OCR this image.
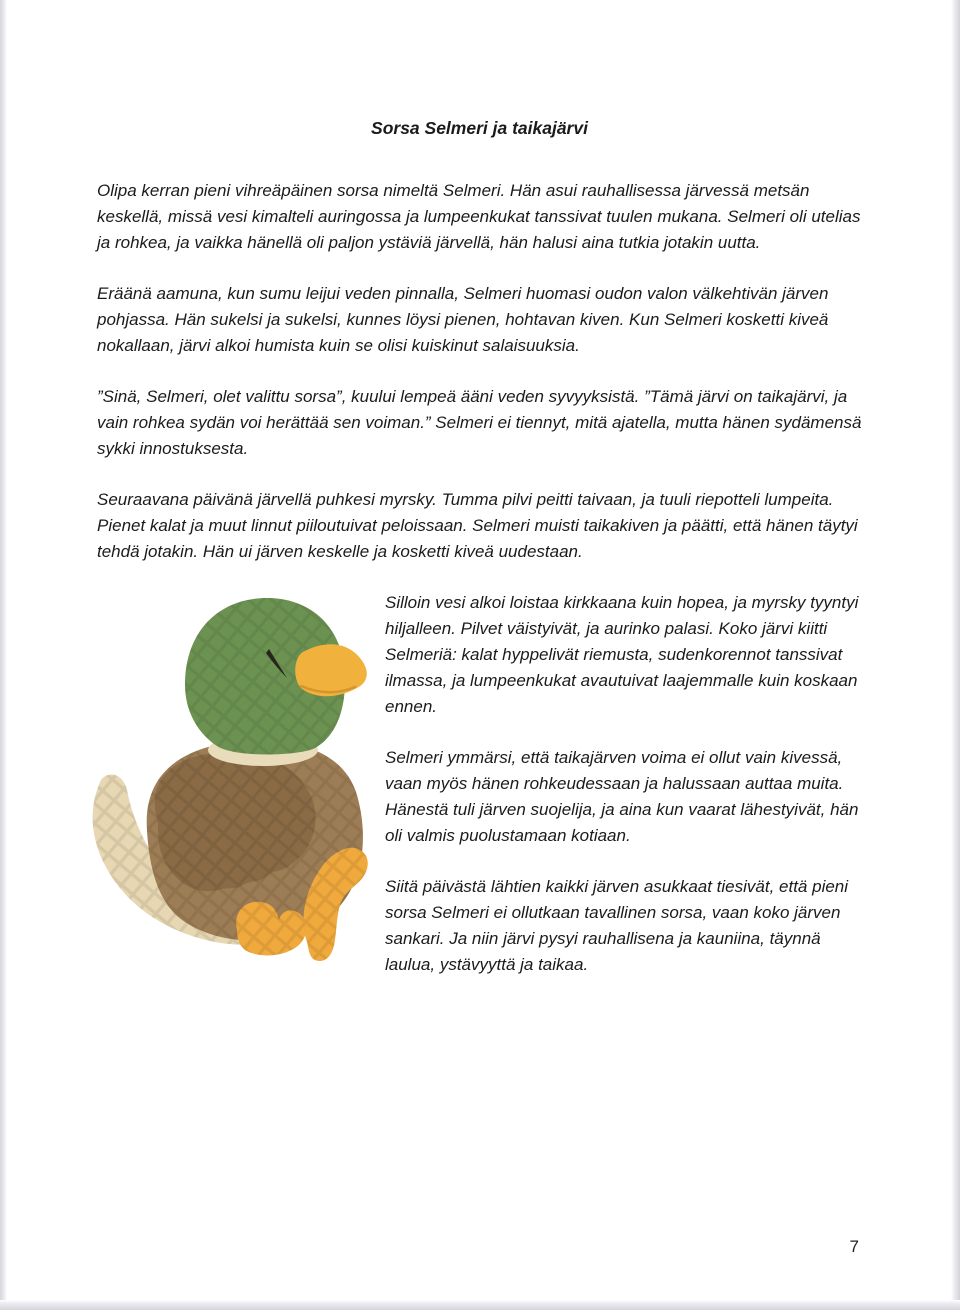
Sorsa Selmeri ja taikajärvi

Olipa kerran pieni vihreäpäinen sorsa nimeltä Selmeri. Hän asui rauhallisessa järvessä metsän keskellä, missä vesi kimalteli auringossa ja lumpeenkukat tanssivat tuulen mukana. Selmeri oli utelias ja rohkea, ja vaikka hänellä oli paljon ystäviä järvellä, hän halusi aina tutkia jotakin uutta.

Eräänä aamuna, kun sumu leijui veden pinnalla, Selmeri huomasi oudon valon välkehtivän järven pohjassa. Hän sukelsi ja sukelsi, kunnes löysi pienen, hohtavan kiven. Kun Selmeri kosketti kiveä nokallaan, järvi alkoi humista kuin se olisi kuiskinut salaisuuksia.

”Sinä, Selmeri, olet valittu sorsa”, kuului lempeä ääni veden syvyyksistä. ”Tämä järvi on taikajärvi, ja vain rohkea sydän voi herättää sen voiman.” Selmeri ei tiennyt, mitä ajatella, mutta hänen sydämensä sykki innostuksesta.

Seuraavana päivänä järvellä puhkesi myrsky. Tumma pilvi peitti taivaan, ja tuuli riepotteli lumpeita. Pienet kalat ja muut linnut piiloutuivat peloissaan. Selmeri muisti taikakiven ja päätti, että hänen täytyi tehdä jotakin. Hän ui järven keskelle ja kosketti kiveä uudestaan.

Silloin vesi alkoi loistaa kirkkaana kuin hopea, ja myrsky tyyntyi hiljalleen. Pilvet väistyivät, ja aurinko palasi. Koko järvi kiitti Selmeriä: kalat hyppelivät riemusta, sudenkorennot tanssivat ilmassa, ja lumpeenkukat avautuivat laajemmalle kuin koskaan ennen.

Selmeri ymmärsi, että taikajärven voima ei ollut vain kivessä, vaan myös hänen rohkeudessaan ja halussaan auttaa muita. Hänestä tuli järven suojelija, ja aina kun vaarat lähestyivät, hän oli valmis puolustamaan kotiaan.

Siitä päivästä lähtien kaikki järven asukkaat tiesivät, että pieni sorsa Selmeri ei ollutkaan tavallinen sorsa, vaan koko järven sankari. Ja niin järvi pysyi rauhallisena ja kauniina, täynnä laulua, ystävyyttä ja taikaa.

7
